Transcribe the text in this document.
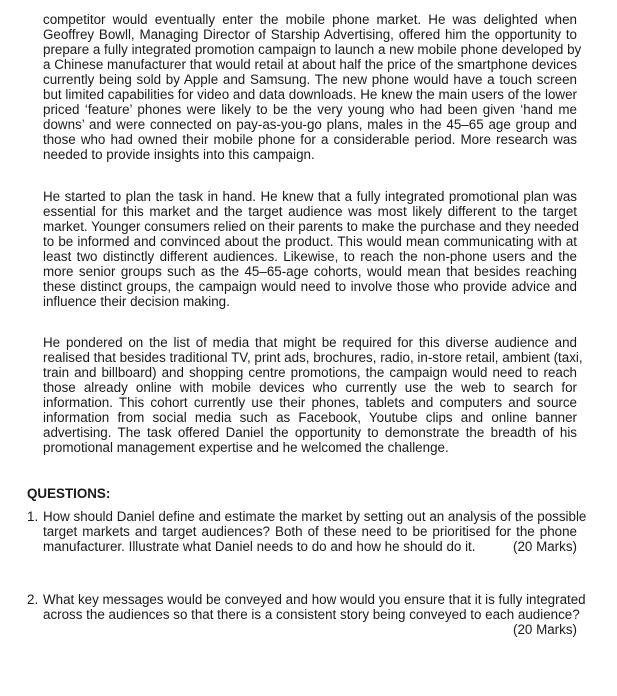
competitor would eventually enter the mobile phone market. He was delighted when
Geoffrey Bowll, Managing Director of Starship Advertising, offered him the opportunity to
prepare a fully integrated promotion campaign to launch a new mobile phone developed by
a Chinese manufacturer that would retail at about half the price of the smartphone devices
currently being sold by Apple and Samsung. The new phone would have a touch screen
but limited capabilities for video and data downloads. He knew the main users of the lower
priced ‘feature’ phones were likely to be the very young who had been given ‘hand me
downs’ and were connected on pay-as-you-go plans, males in the 45–65 age group and
those who had owned their mobile phone for a considerable period. More research was
needed to provide insights into this campaign.
He started to plan the task in hand. He knew that a fully integrated promotional plan was
essential for this market and the target audience was most likely different to the target
market. Younger consumers relied on their parents to make the purchase and they needed
to be informed and convinced about the product. This would mean communicating with at
least two distinctly different audiences. Likewise, to reach the non-phone users and the
more senior groups such as the 45–65-age cohorts, would mean that besides reaching
these distinct groups, the campaign would need to involve those who provide advice and
influence their decision making.
He pondered on the list of media that might be required for this diverse audience and
realised that besides traditional TV, print ads, brochures, radio, in-store retail, ambient (taxi,
train and billboard) and shopping centre promotions, the campaign would need to reach
those already online with mobile devices who currently use the web to search for
information. This cohort currently use their phones, tablets and computers and source
information from social media such as Facebook, Youtube clips and online banner
advertising. The task offered Daniel the opportunity to demonstrate the breadth of his
promotional management expertise and he welcomed the challenge.
QUESTIONS:
1. How should Daniel define and estimate the market by setting out an analysis of the possible
target markets and target audiences? Both of these need to be prioritised for the phone
manufacturer. Illustrate what Daniel needs to do and how he should do it.	(20 Marks)
2. What key messages would be conveyed and how would you ensure that it is fully integrated
across the audiences so that there is a consistent story being conveyed to each audience?
(20 Marks)
